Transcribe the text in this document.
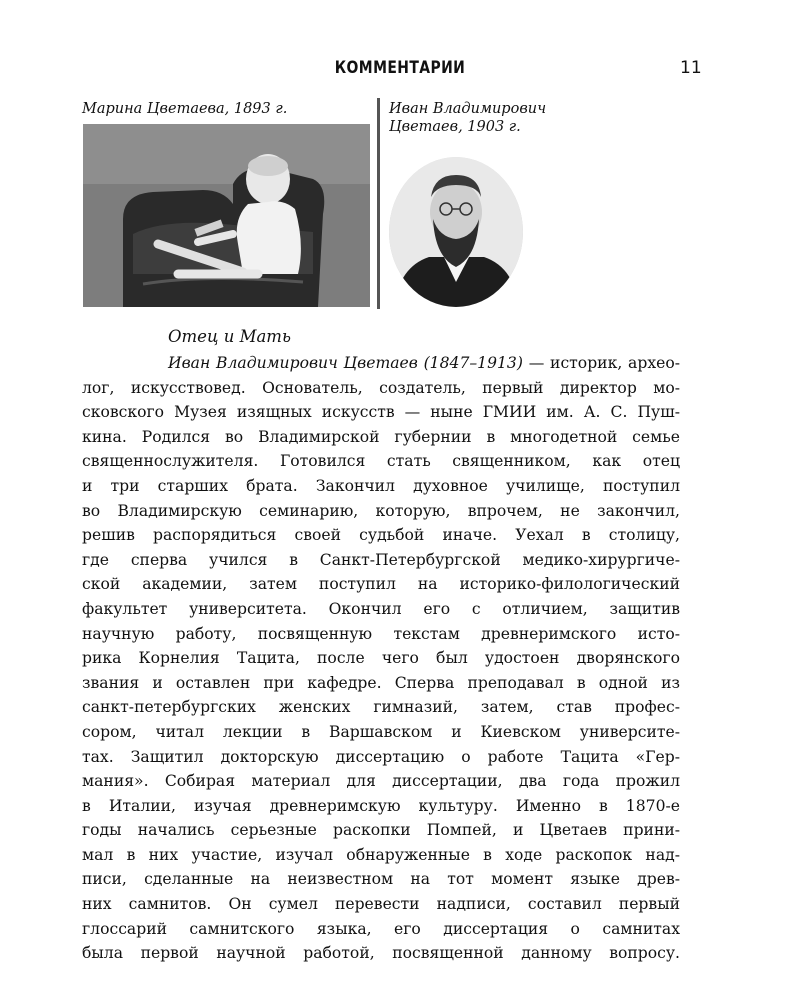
КОММЕНТАРИИ	11
Марина Цветаева, 1893 г.	Иван Владимирович Цветаев, 1903 г.
Отец и Мать
Иван Владимирович Цветаев (1847–1913) — историк, архео-
лог, искусствовед. Основатель, создатель, первый директор мо-
сковского Музея изящных искусств — ныне ГМИИ им. А. С. Пуш-
кина. Родился во Владимирской губернии в многодетной семье
священнослужителя. Готовился стать священником, как отец
и три старших брата. Закончил духовное училище, поступил
во Владимирскую семинарию, которую, впрочем, не закончил,
решив распорядиться своей судьбой иначе. Уехал в столицу,
где сперва учился в Санкт-Петербургской медико-хирургиче-
ской академии, затем поступил на историко-филологический
факультет университета. Окончил его с отличием, защитив
научную работу, посвященную текстам древнеримского исто-
рика Корнелия Тацита, после чего был удостоен дворянского
звания и оставлен при кафедре. Сперва преподавал в одной из
санкт-петербургских женских гимназий, затем, став профес-
сором, читал лекции в Варшавском и Киевском университе-
тах. Защитил докторскую диссертацию о работе Тацита «Гер-
мания». Собирая материал для диссертации, два года прожил
в Италии, изучая древнеримскую культуру. Именно в 1870-е
годы начались серьезные раскопки Помпей, и Цветаев прини-
мал в них участие, изучал обнаруженные в ходе раскопок над-
писи, сделанные на неизвестном на тот момент языке древ-
них самнитов. Он сумел перевести надписи, составил первый
глоссарий самнитского языка, его диссертация о самнитах
была первой научной работой, посвященной данному вопросу.
